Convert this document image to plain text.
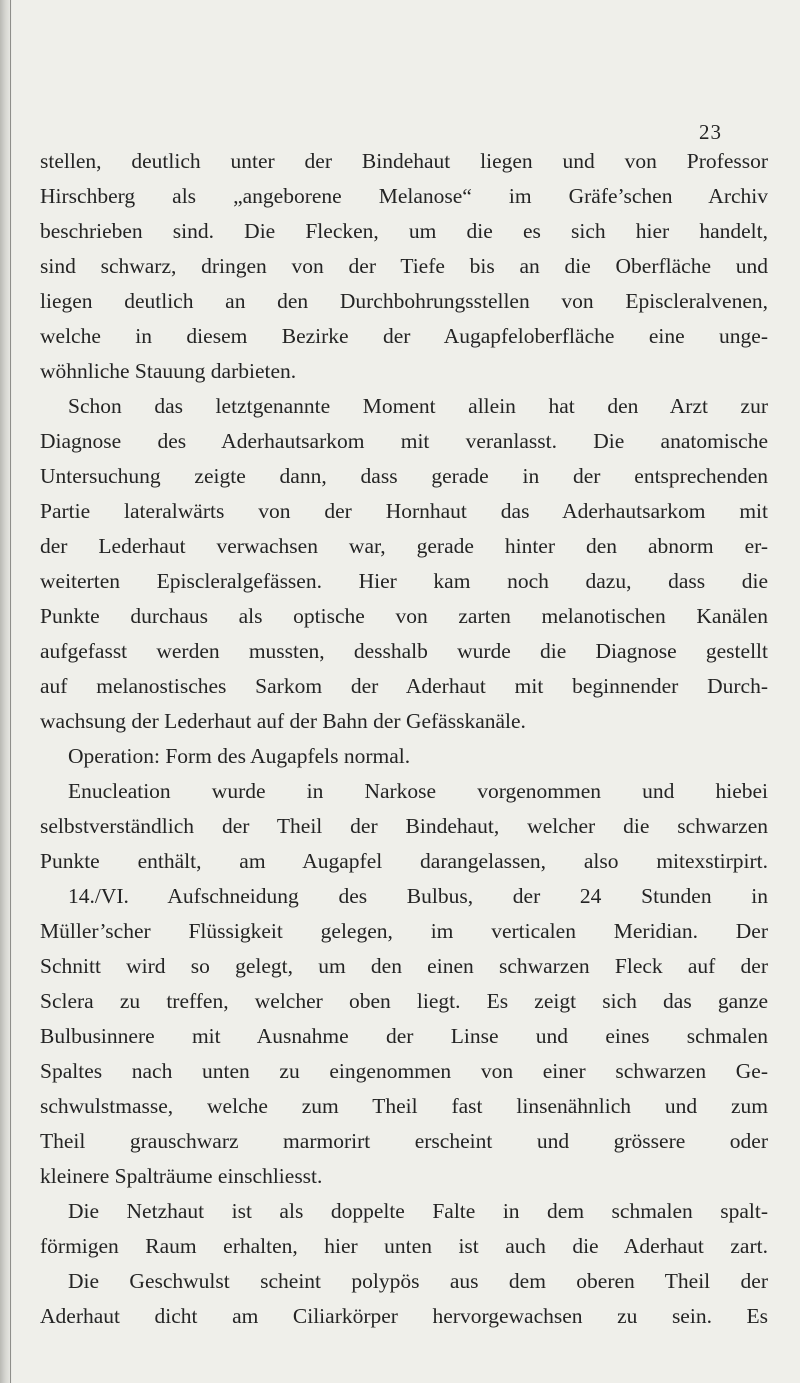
23
stellen, deutlich unter der Bindehaut liegen und von Professor
Hirschberg als „angeborene Melanose“ im Gräfe’schen Archiv
beschrieben sind. Die Flecken, um die es sich hier handelt,
sind schwarz, dringen von der Tiefe bis an die Oberfläche und
liegen deutlich an den Durchbohrungsstellen von Episcleralvenen,
welche in diesem Bezirke der Augapfeloberfläche eine unge-
wöhnliche Stauung darbieten.
Schon das letztgenannte Moment allein hat den Arzt zur
Diagnose des Aderhautsarkom mit veranlasst. Die anatomische
Untersuchung zeigte dann, dass gerade in der entsprechenden
Partie lateralwärts von der Hornhaut das Aderhautsarkom mit
der Lederhaut verwachsen war, gerade hinter den abnorm er-
weiterten Episcleralgefässen. Hier kam noch dazu, dass die
Punkte durchaus als optische von zarten melanotischen Kanälen
aufgefasst werden mussten, desshalb wurde die Diagnose gestellt
auf melanostisches Sarkom der Aderhaut mit beginnender Durch-
wachsung der Lederhaut auf der Bahn der Gefässkanäle.
Operation: Form des Augapfels normal.
Enucleation wurde in Narkose vorgenommen und hiebei
selbstverständlich der Theil der Bindehaut, welcher die schwarzen
Punkte enthält, am Augapfel darangelassen, also mitexstirpirt.
14./VI. Aufschneidung des Bulbus, der 24 Stunden in
Müller’scher Flüssigkeit gelegen, im verticalen Meridian. Der
Schnitt wird so gelegt, um den einen schwarzen Fleck auf der
Sclera zu treffen, welcher oben liegt. Es zeigt sich das ganze
Bulbusinnere mit Ausnahme der Linse und eines schmalen
Spaltes nach unten zu eingenommen von einer schwarzen Ge-
schwulstmasse, welche zum Theil fast linsenähnlich und zum
Theil grauschwarz marmorirt erscheint und grössere oder
kleinere Spalträume einschliesst.
Die Netzhaut ist als doppelte Falte in dem schmalen spalt-
förmigen Raum erhalten, hier unten ist auch die Aderhaut zart.
Die Geschwulst scheint polypös aus dem oberen Theil der
Aderhaut dicht am Ciliarkörper hervorgewachsen zu sein. Es
